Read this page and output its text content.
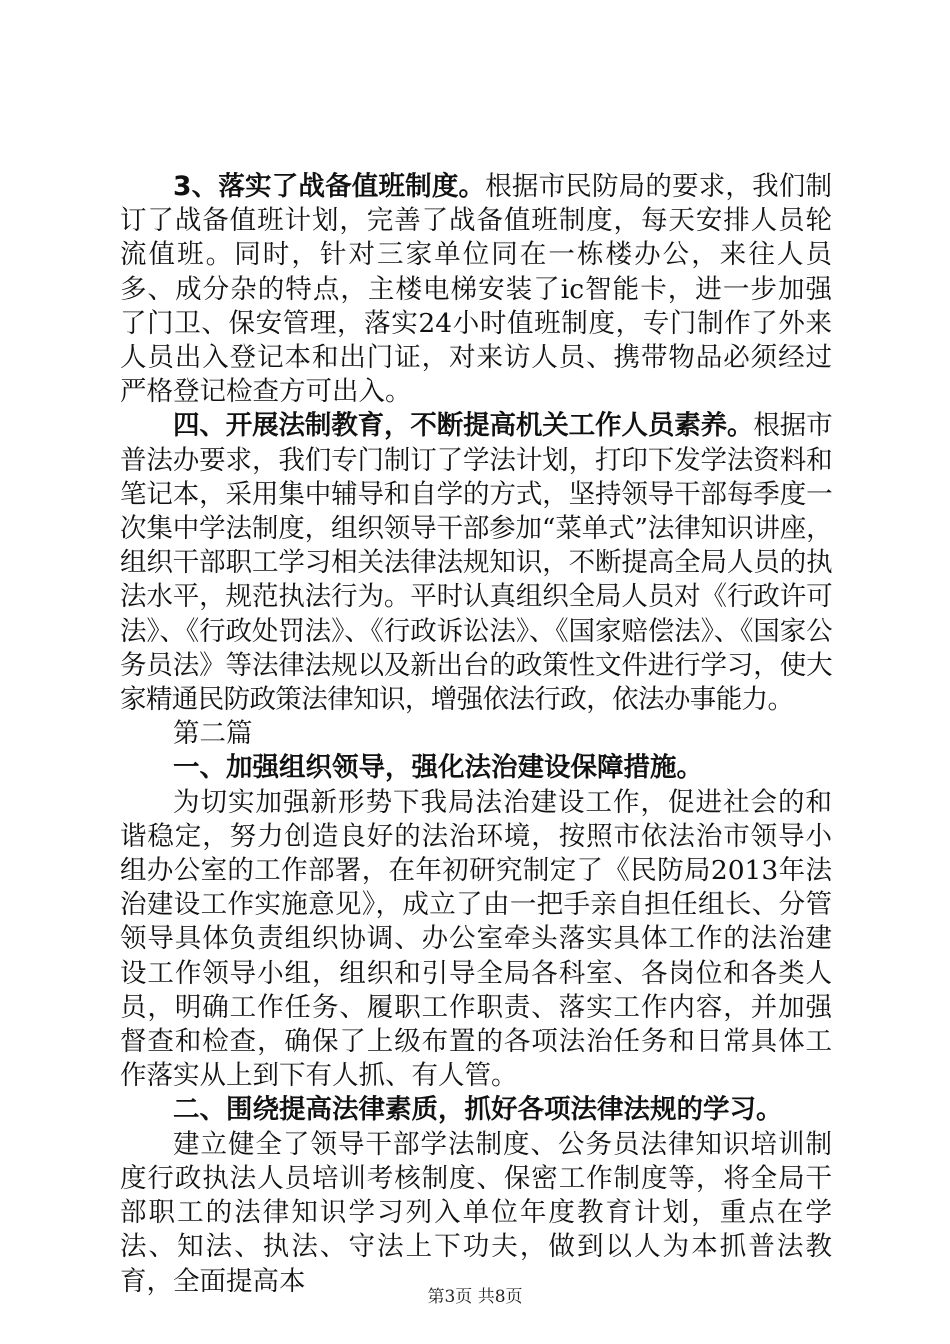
3、落实了战备值班制度。根据市民防局的要求，我们制订了战备值班计划，完善了战备值班制度，每天安排人员轮流值班。同时，针对三家单位同在一栋楼办公，来往人员多、成分杂的特点，主楼电梯安装了ic智能卡，进一步加强了门卫、保安管理，落实24小时值班制度，专门制作了外来人员出入登记本和出门证，对来访人员、携带物品必须经过严格登记检查方可出入。

四、开展法制教育，不断提高机关工作人员素养。根据市普法办要求，我们专门制订了学法计划，打印下发学法资料和笔记本，采用集中辅导和自学的方式，坚持领导干部每季度一次集中学法制度，组织领导干部参加“菜单式”法律知识讲座，组织干部职工学习相关法律法规知识，不断提高全局人员的执法水平，规范执法行为。平时认真组织全局人员对《行政许可法》、《行政处罚法》、《行政诉讼法》、《国家赔偿法》、《国家公务员法》等法律法规以及新出台的政策性文件进行学习，使大家精通民防政策法律知识，增强依法行政，依法办事能力。

第二篇

一、加强组织领导，强化法治建设保障措施。

为切实加强新形势下我局法治建设工作，促进社会的和谐稳定，努力创造良好的法治环境，按照市依法治市领导小组办公室的工作部署，在年初研究制定了《民防局2013年法治建设工作实施意见》，成立了由一把手亲自担任组长、分管领导具体负责组织协调、办公室牵头落实具体工作的法治建设工作领导小组，组织和引导全局各科室、各岗位和各类人员，明确工作任务、履职工作职责、落实工作内容，并加强督查和检查，确保了上级布置的各项法治任务和日常具体工作落实从上到下有人抓、有人管。

二、围绕提高法律素质，抓好各项法律法规的学习。

建立健全了领导干部学法制度、公务员法律知识培训制度行政执法人员培训考核制度、保密工作制度等，将全局干部职工的法律知识学习列入单位年度教育计划，重点在学法、知法、执法、守法上下功夫，做到以人为本抓普法教育，全面提高本

第3页 共8页
